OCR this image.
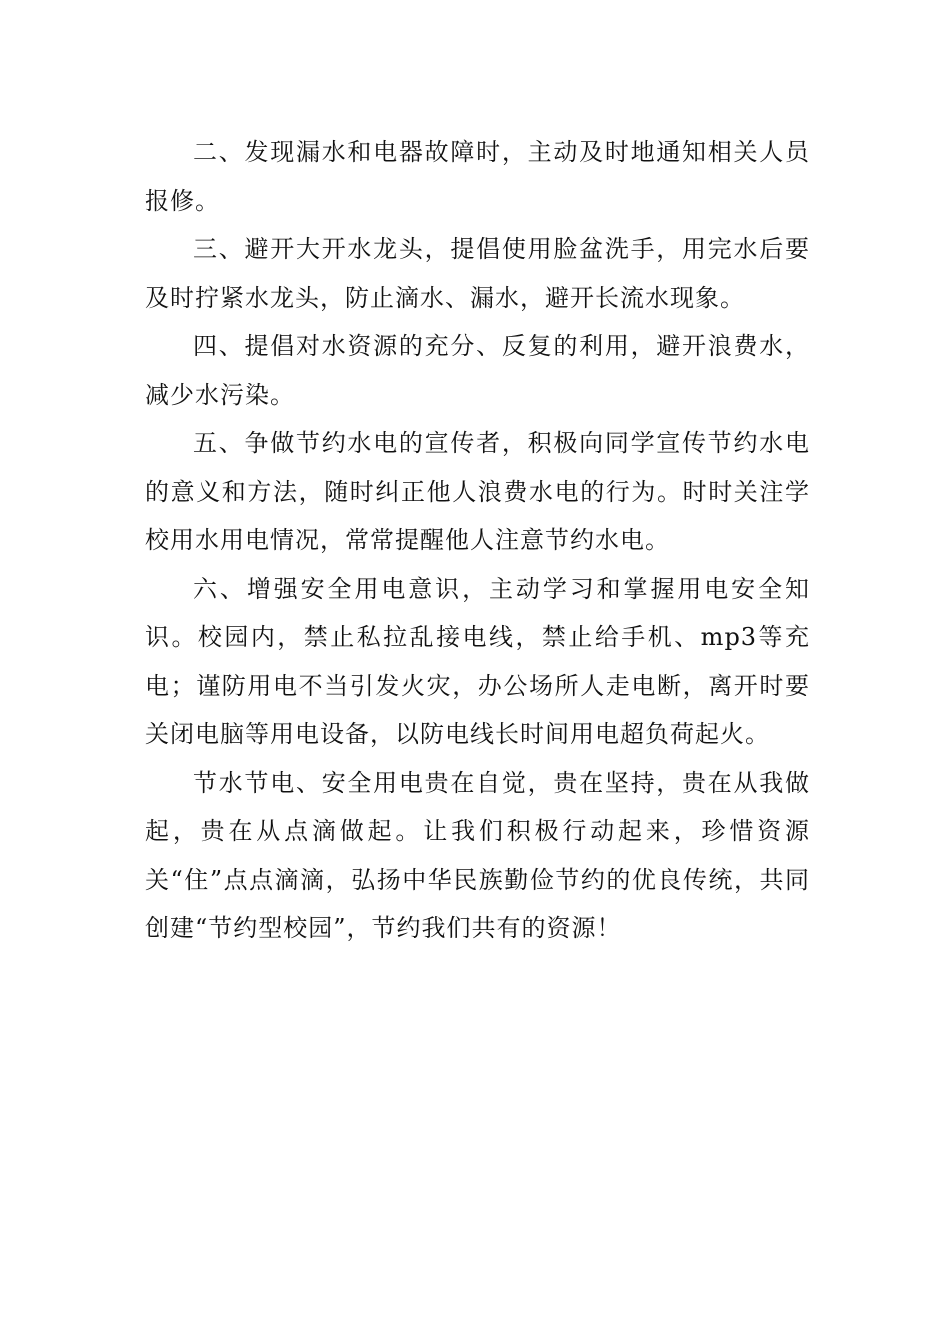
二、发现漏水和电器故障时，主动及时地通知相关人员报修。

三、避开大开水龙头，提倡使用脸盆洗手，用完水后要及时拧紧水龙头，防止滴水、漏水，避开长流水现象。

四、提倡对水资源的充分、反复的利用，避开浪费水，减少水污染。

五、争做节约水电的宣传者，积极向同学宣传节约水电的意义和方法，随时纠正他人浪费水电的行为。时时关注学校用水用电情况，常常提醒他人注意节约水电。

六、增强安全用电意识，主动学习和掌握用电安全知识。校园内，禁止私拉乱接电线，禁止给手机、mp3等充电；谨防用电不当引发火灾，办公场所人走电断，离开时要关闭电脑等用电设备，以防电线长时间用电超负荷起火。

节水节电、安全用电贵在自觉，贵在坚持，贵在从我做起，贵在从点滴做起。让我们积极行动起来，珍惜资源关“住”点点滴滴，弘扬中华民族勤俭节约的优良传统，共同创建“节约型校园”，节约我们共有的资源！
